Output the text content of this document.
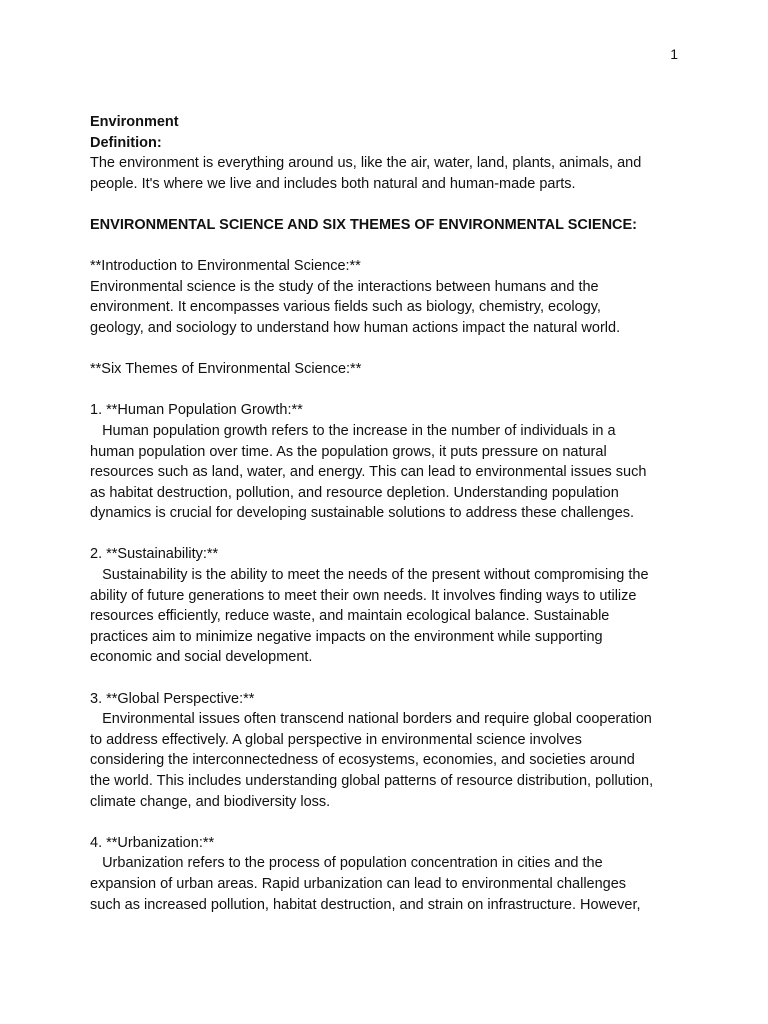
1
Environment
Definition:
The environment is everything around us, like the air, water, land, plants, animals, and
people. It's where we live and includes both natural and human-made parts.
ENVIRONMENTAL SCIENCE AND SIX THEMES OF ENVIRONMENTAL SCIENCE:
**Introduction to Environmental Science:**
Environmental science is the study of the interactions between humans and the
environment. It encompasses various fields such as biology, chemistry, ecology,
geology, and sociology to understand how human actions impact the natural world.
**Six Themes of Environmental Science:**
1. **Human Population Growth:**
Human population growth refers to the increase in the number of individuals in a
human population over time. As the population grows, it puts pressure on natural
resources such as land, water, and energy. This can lead to environmental issues such
as habitat destruction, pollution, and resource depletion. Understanding population
dynamics is crucial for developing sustainable solutions to address these challenges.
2. **Sustainability:**
Sustainability is the ability to meet the needs of the present without compromising the
ability of future generations to meet their own needs. It involves finding ways to utilize
resources efficiently, reduce waste, and maintain ecological balance. Sustainable
practices aim to minimize negative impacts on the environment while supporting
economic and social development.
3. **Global Perspective:**
Environmental issues often transcend national borders and require global cooperation
to address effectively. A global perspective in environmental science involves
considering the interconnectedness of ecosystems, economies, and societies around
the world. This includes understanding global patterns of resource distribution, pollution,
climate change, and biodiversity loss.
4. **Urbanization:**
Urbanization refers to the process of population concentration in cities and the
expansion of urban areas. Rapid urbanization can lead to environmental challenges
such as increased pollution, habitat destruction, and strain on infrastructure. However,
